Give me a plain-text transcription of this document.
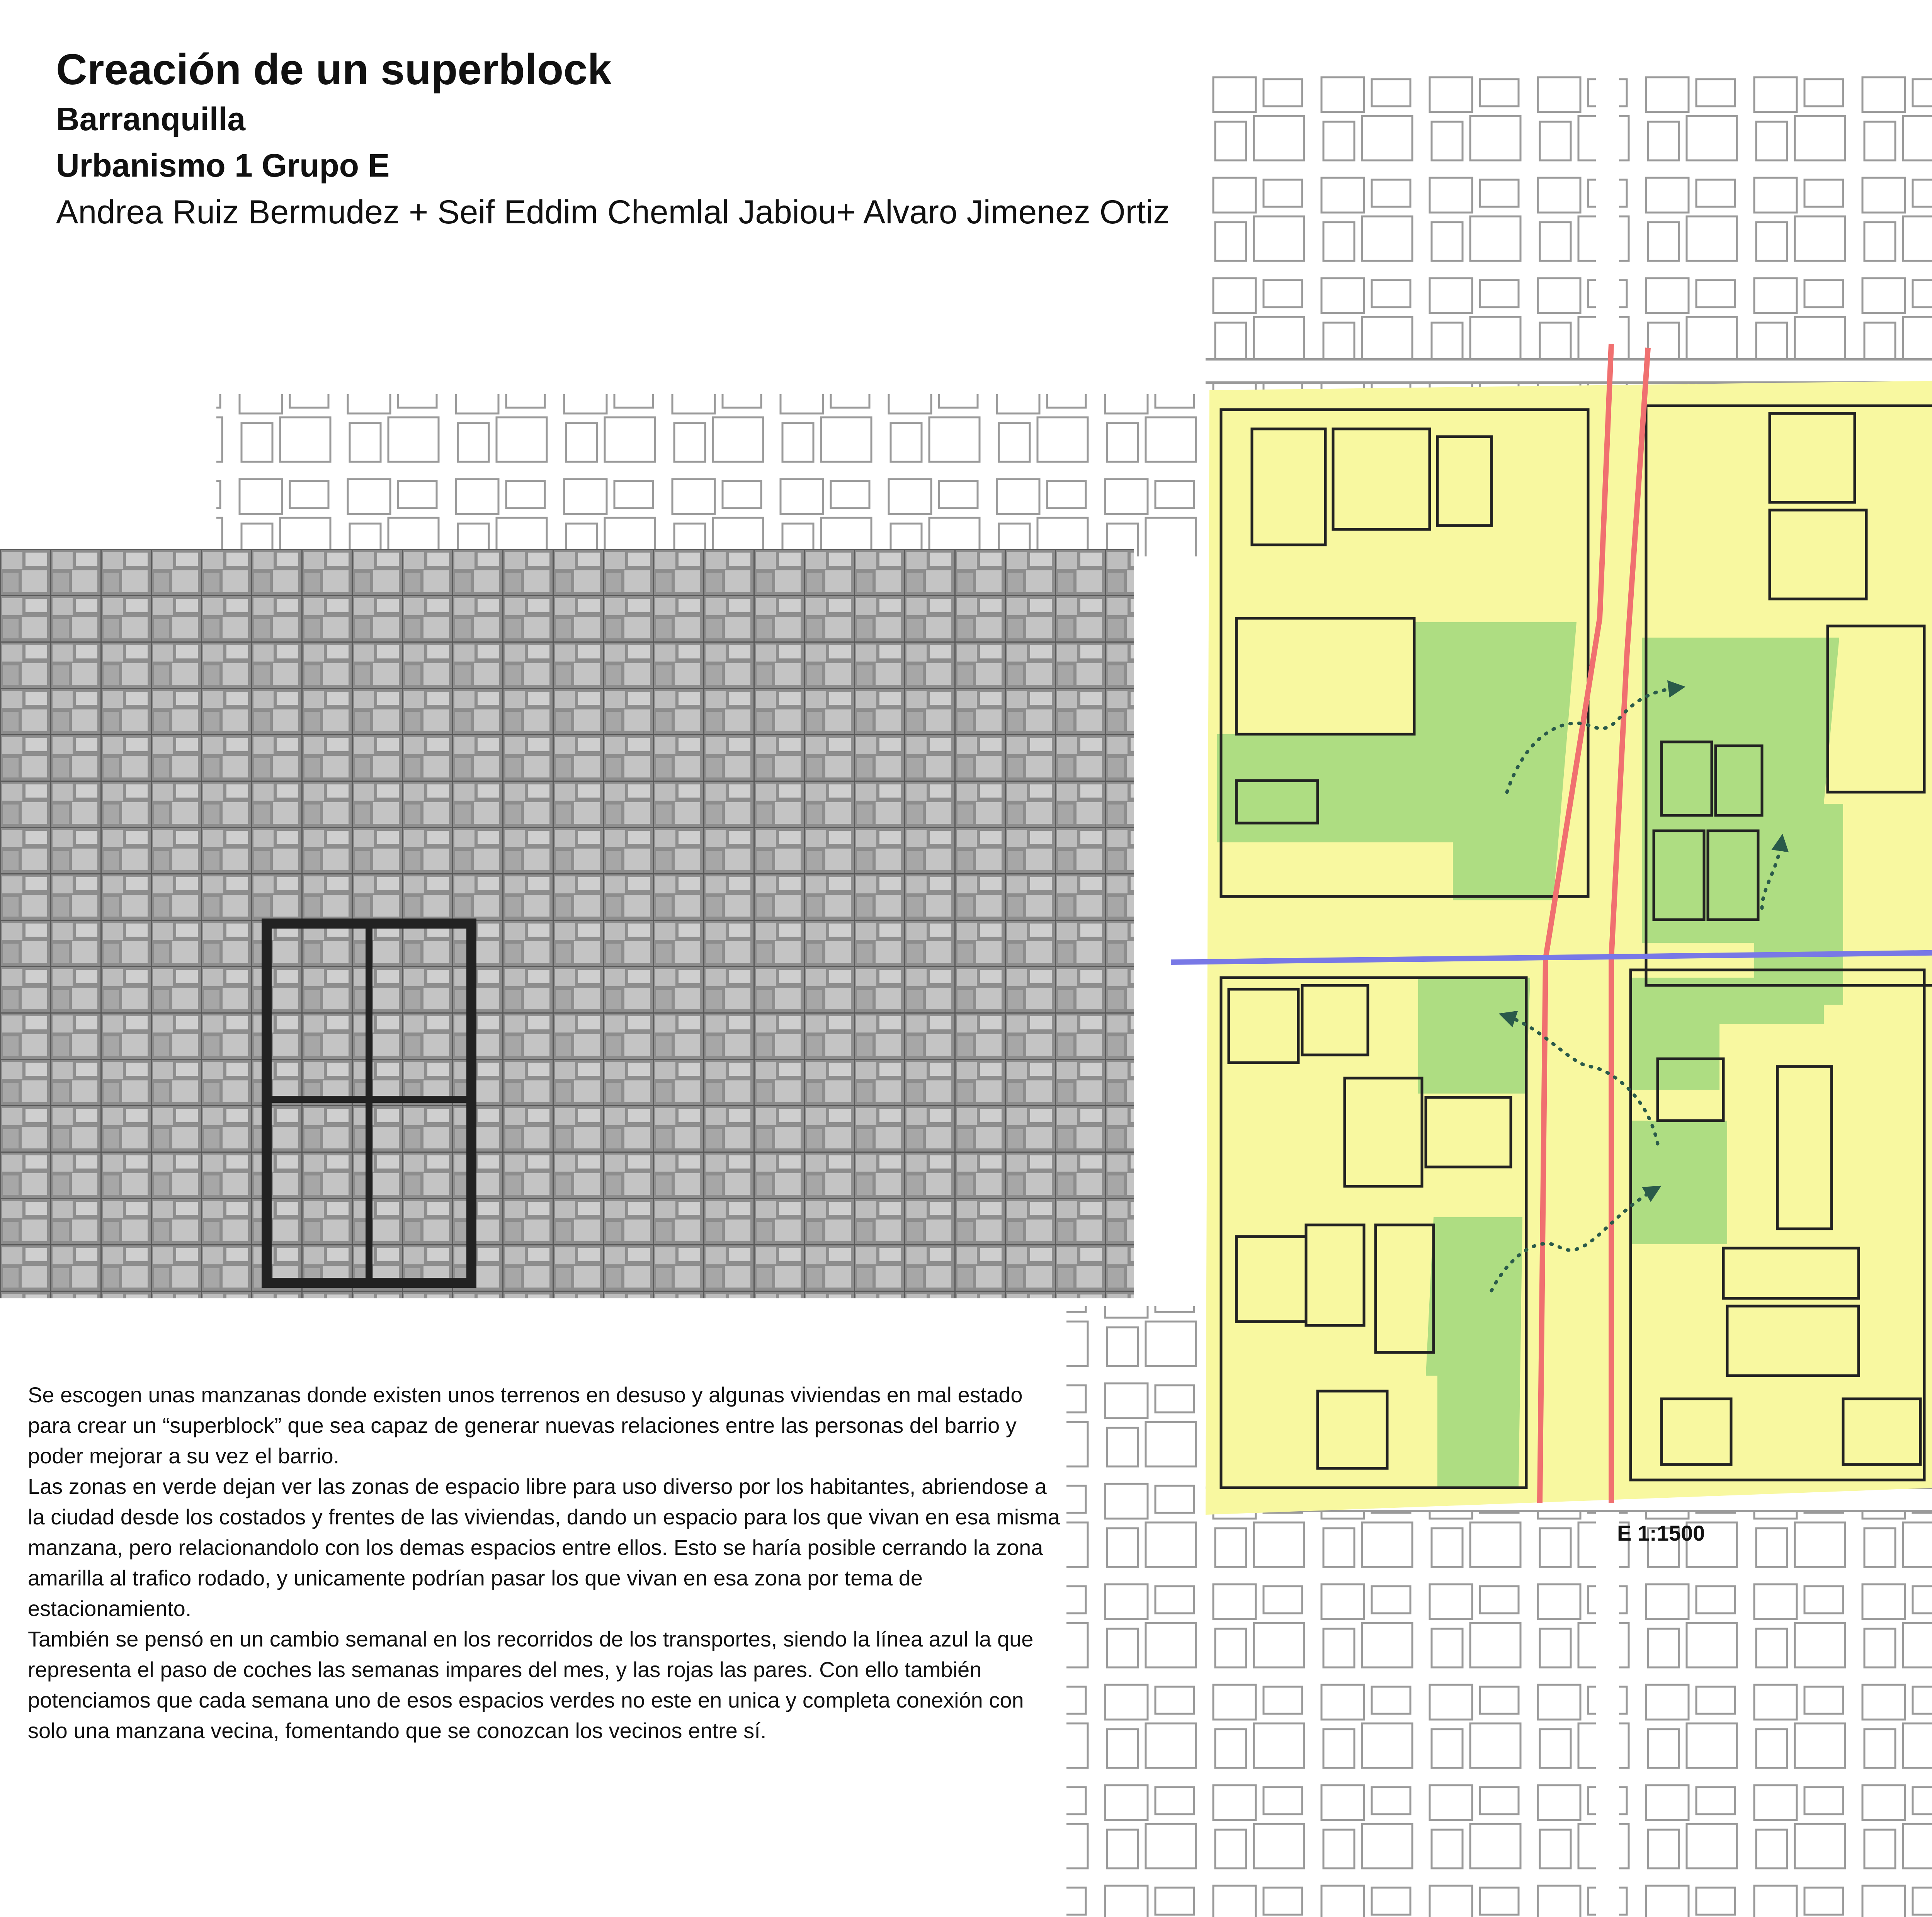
Creación de un superblock
Barranquilla
Urbanismo 1 Grupo E
Andrea Ruiz Bermudez + Seif Eddim Chemlal Jabiou+ Alvaro Jimenez Ortiz

Se escogen unas manzanas donde existen unos terrenos en desuso y algunas viviendas en mal estado para crear un “superblock” que sea capaz de generar nuevas relaciones entre las personas del barrio y poder mejorar a su vez el barrio.

Las zonas en verde dejan ver las zonas de espacio libre para uso diverso por los habitantes, abriendose a la ciudad desde los costados y frentes de las viviendas, dando un espacio para los que vivan en esa misma manzana, pero relacionandolo con los demas espacios entre ellos. Esto se haría posible cerrando la zona amarilla al trafico rodado, y unicamente podrían pasar los que vivan en esa zona por tema de estacionamiento.

También se pensó en un cambio semanal en los recorridos de los transportes, siendo la línea azul la que representa el paso de coches las semanas impares del mes, y las rojas las pares. Con ello también potenciamos que cada semana uno de esos espacios verdes no este en unica y completa conexión con solo una manzana vecina, fomentando que se conozcan los vecinos entre sí.

E 1:1500
